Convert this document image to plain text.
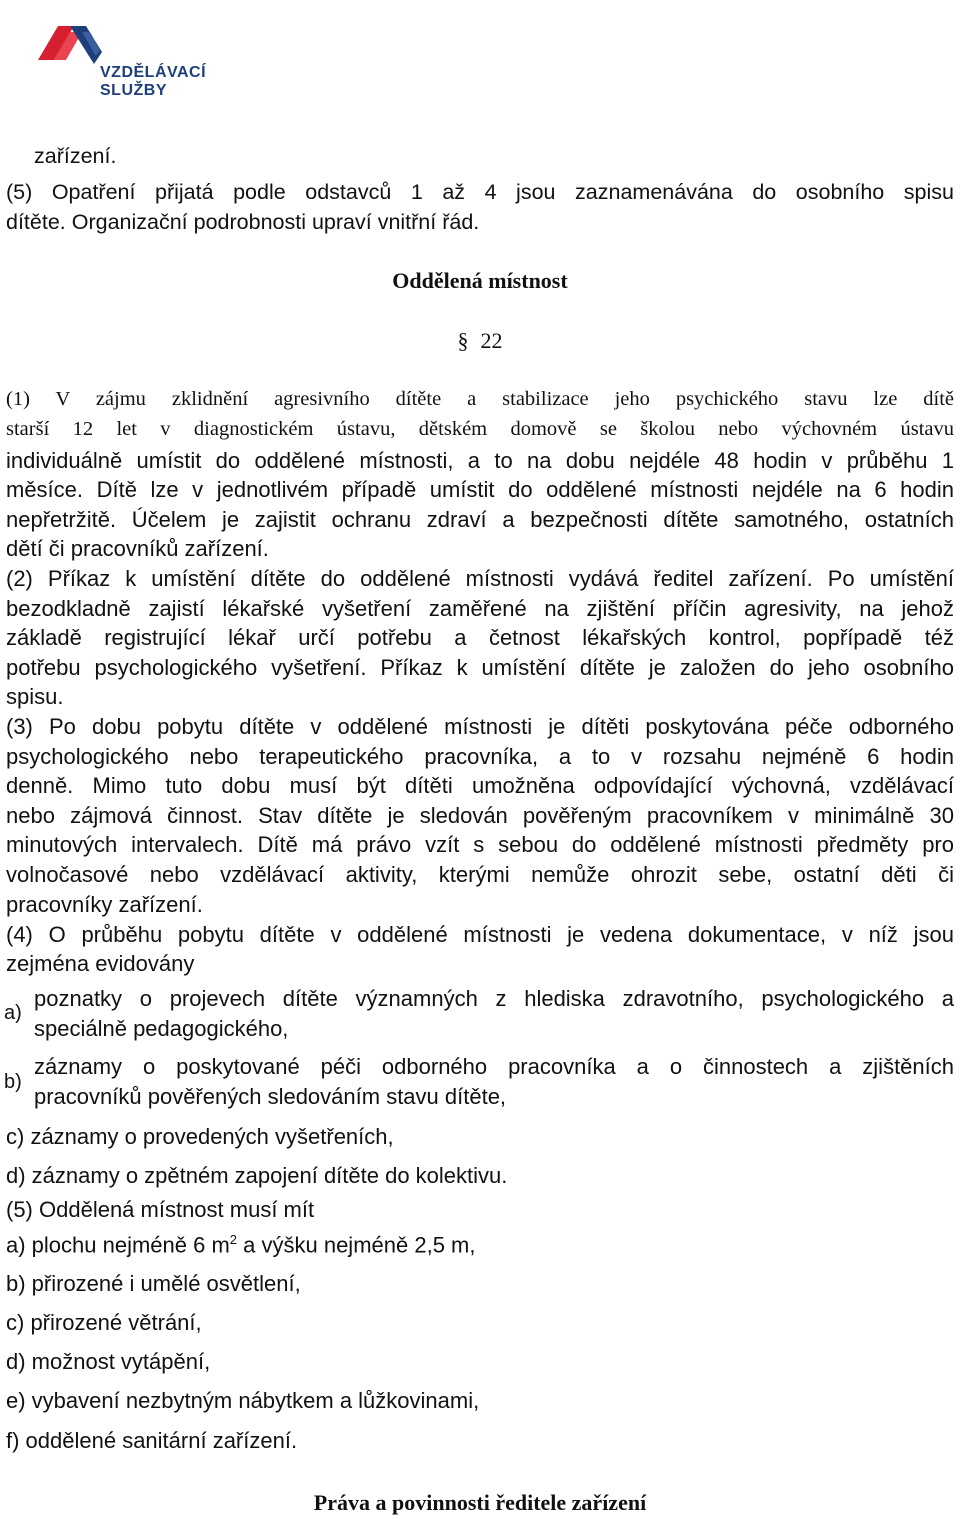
VZDĚLÁVACÍ
SLUŽBY
zařízení.
(5) Opatření přijatá podle odstavců 1 až 4 jsou zaznamenávána do osobního spisu
dítěte. Organizační podrobnosti upraví vnitřní řád.
Oddělená místnost
§ 22
(1) V zájmu zklidnění agresivního dítěte a stabilizace jeho psychického stavu lze dítě
starší 12 let v diagnostickém ústavu, dětském domově se školou nebo výchovném ústavu
individuálně umístit do oddělené místnosti, a to na dobu nejdéle 48 hodin v průběhu 1
měsíce. Dítě lze v jednotlivém případě umístit do oddělené místnosti nejdéle na 6 hodin
nepřetržitě. Účelem je zajistit ochranu zdraví a bezpečnosti dítěte samotného, ostatních
dětí či pracovníků zařízení.
(2) Příkaz k umístění dítěte do oddělené místnosti vydává ředitel zařízení. Po umístění
bezodkladně zajistí lékařské vyšetření zaměřené na zjištění příčin agresivity, na jehož
základě registrující lékař určí potřebu a četnost lékařských kontrol, popřípadě též
potřebu psychologického vyšetření. Příkaz k umístění dítěte je založen do jeho osobního
spisu.
(3) Po dobu pobytu dítěte v oddělené místnosti je dítěti poskytována péče odborného
psychologického nebo terapeutického pracovníka, a to v rozsahu nejméně 6 hodin
denně. Mimo tuto dobu musí být dítěti umožněna odpovídající výchovná, vzdělávací
nebo zájmová činnost. Stav dítěte je sledován pověřeným pracovníkem v minimálně 30
minutových intervalech. Dítě má právo vzít s sebou do oddělené místnosti předměty pro
volnočasové nebo vzdělávací aktivity, kterými nemůže ohrozit sebe, ostatní děti či
pracovníky zařízení.
(4) O průběhu pobytu dítěte v oddělené místnosti je vedena dokumentace, v níž jsou
zejména evidovány
a)
poznatky o projevech dítěte významných z hlediska zdravotního, psychologického a
speciálně pedagogického,
b)
záznamy o poskytované péči odborného pracovníka a o činnostech a zjištěních
pracovníků pověřených sledováním stavu dítěte,
c) záznamy o provedených vyšetřeních,
d) záznamy o zpětném zapojení dítěte do kolektivu.
(5) Oddělená místnost musí mít
a) plochu nejméně 6 $m^2$ a výšku nejméně 2,5 m,
b) přirozené i umělé osvětlení,
c) přirozené větrání,
d) možnost vytápění,
e) vybavení nezbytným nábytkem a lůžkovinami,
f) oddělené sanitární zařízení.
Práva a povinnosti ředitele zařízení
